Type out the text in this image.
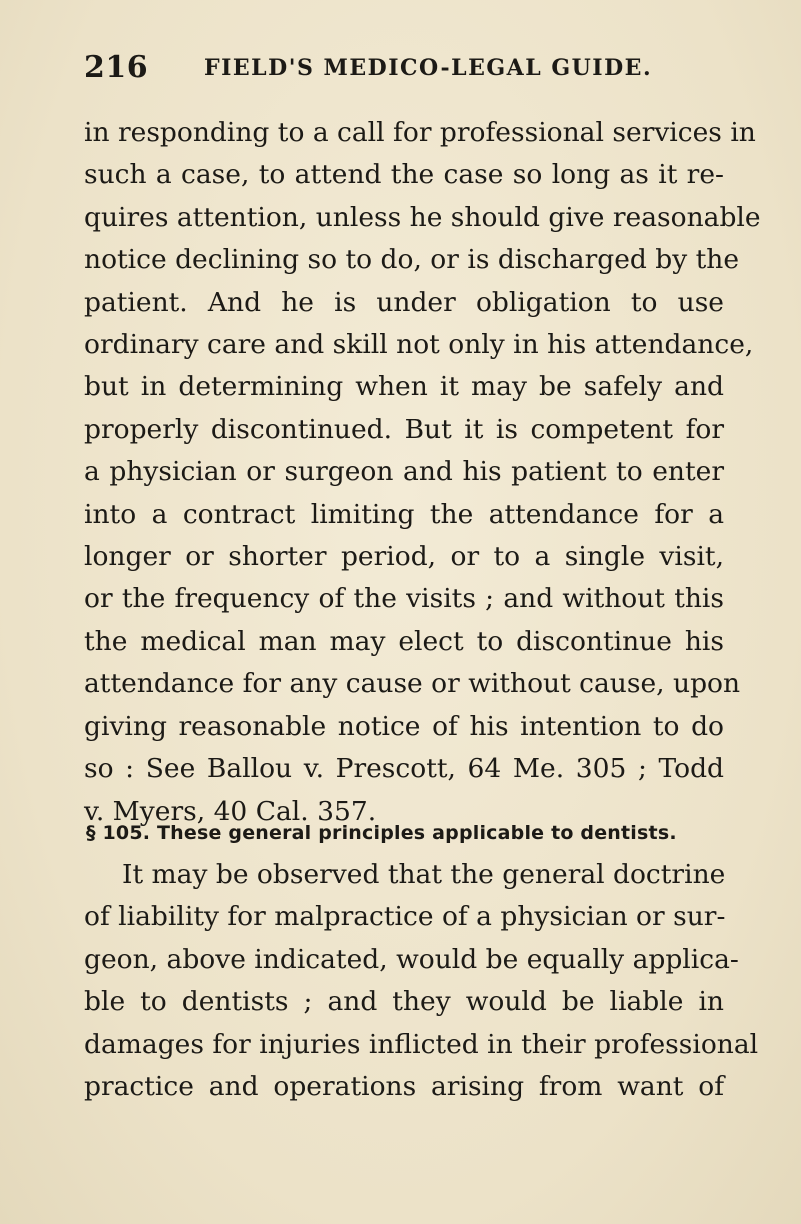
216	FIELD'S MEDICO-LEGAL GUIDE.
in responding to a call for professional services in
such a case, to attend the case so long as it re-
quires attention, unless he should give reasonable
notice declining so to do, or is discharged by the
patient. And he is under obligation to use
ordinary care and skill not only in his attendance,
but in determining when it may be safely and
properly discontinued. But it is competent for
a physician or surgeon and his patient to enter
into a contract limiting the attendance for a
longer or shorter period, or to a single visit,
or the frequency of the visits ; and without this
the medical man may elect to discontinue his
attendance for any cause or without cause, upon
giving reasonable notice of his intention to do
so : See Ballou v. Prescott, 64 Me. 305 ; Todd
v. Myers, 40 Cal. 357.
§ 105. These general principles applicable to dentists.
It may be observed that the general doctrine
of liability for malpractice of a physician or sur-
geon, above indicated, would be equally applica-
ble to dentists ; and they would be liable in
damages for injuries inflicted in their professional
practice and operations arising from want of
